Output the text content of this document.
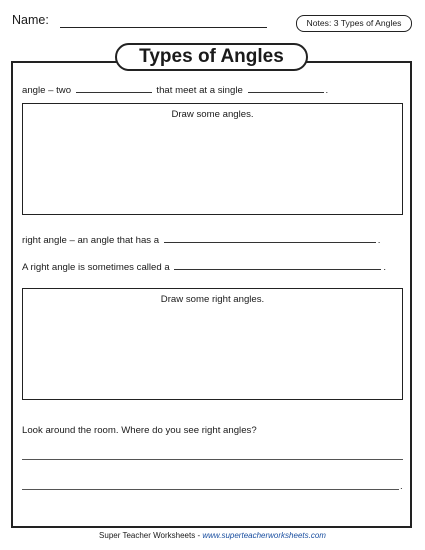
Name:	Notes: 3 Types of Angles
Types of Angles
angle – two	that meet at a single	.
Draw some angles.
right angle – an angle that has a	.
A right angle is sometimes called a	.
Draw some right angles.
Look around the room. Where do you see right angles?
.
Super Teacher Worksheets - www.superteacherworksheets.com
